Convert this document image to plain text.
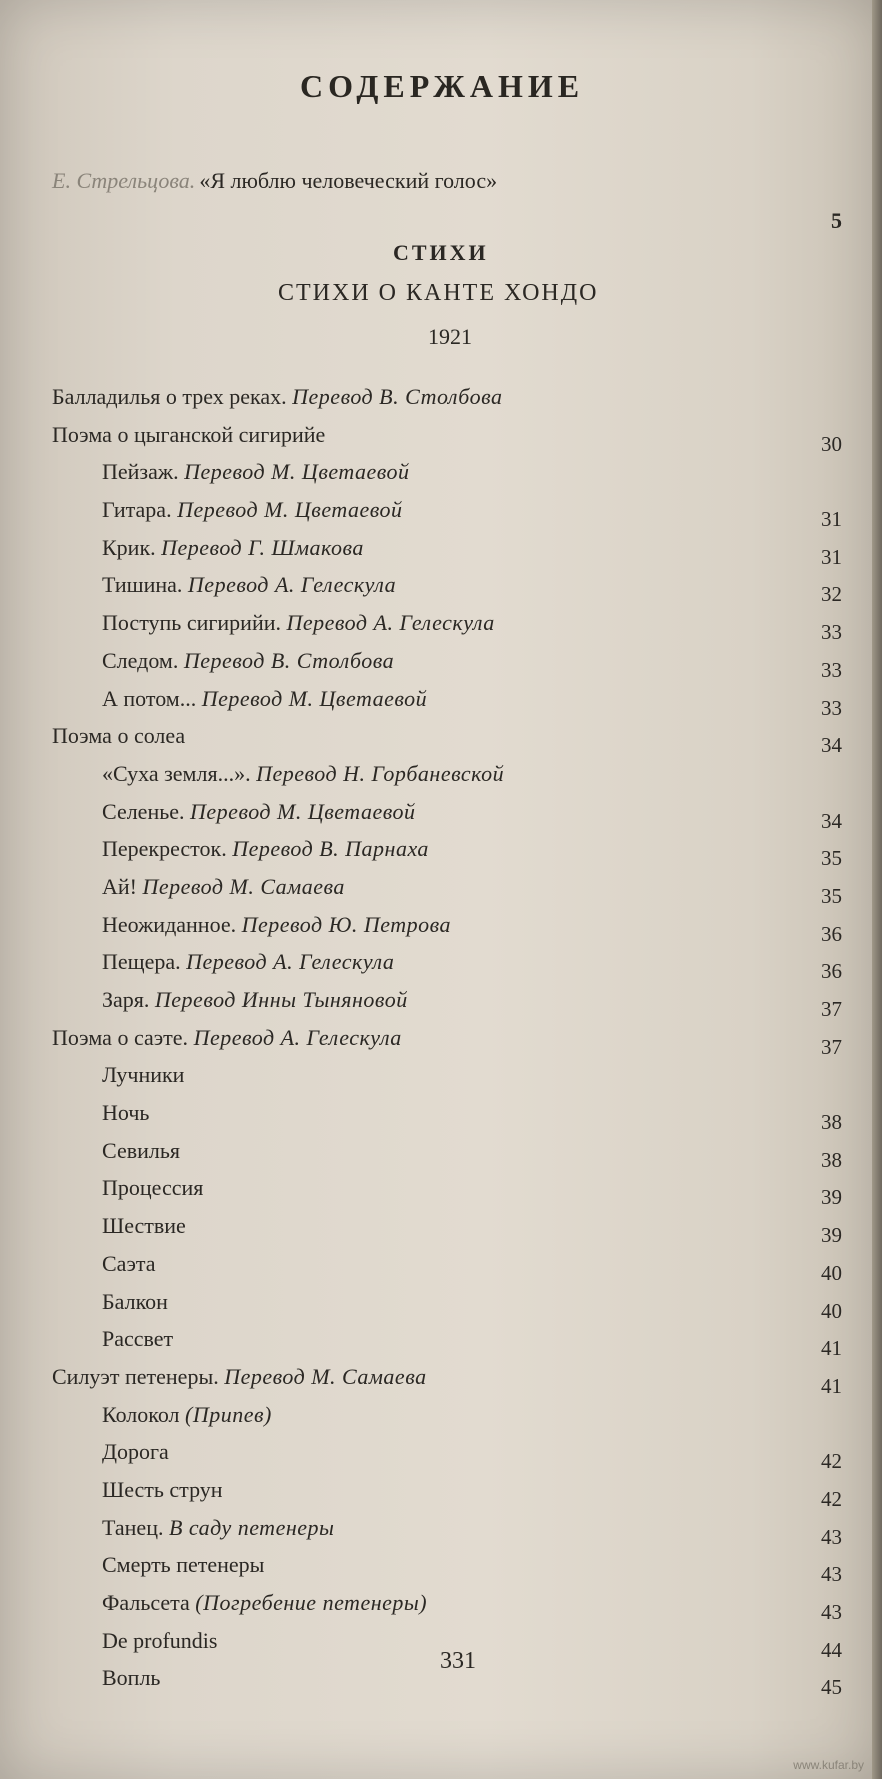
СОДЕРЖАНИЕ
Е. Стрельцова. «Я люблю человеческий голос»
5
СТИХИ
СТИХИ О КАНТЕ ХОНДО
1921
Балладилья о трех реках. Перевод В. Столбова
Поэма о цыганской сигирийе	30
Пейзаж. Перевод М. Цветаевой
Гитара. Перевод М. Цветаевой	31
Крик. Перевод Г. Шмакова	31
Тишина. Перевод А. Гелескула	32
Поступь сигирийи. Перевод А. Гелескула	33
Следом. Перевод В. Столбова	33
А потом... Перевод М. Цветаевой	33
Поэма о солеа	34
«Суха земля...». Перевод Н. Горбаневской
Селенье. Перевод М. Цветаевой	34
Перекресток. Перевод В. Парнаха	35
Ай! Перевод М. Самаева	35
Неожиданное. Перевод Ю. Петрова	36
Пещера. Перевод А. Гелескула	36
Заря. Перевод Инны Тыняновой	37
Поэма о саэте. Перевод А. Гелескула	37
Лучники
Ночь	38
Севилья	38
Процессия	39
Шествие	39
Саэта	40
Балкон	40
Рассвет	41
Силуэт петенеры. Перевод М. Самаева	41
Колокол (Припев)
Дорога	42
Шесть струн	42
Танец. В саду петенеры	43
Смерть петенеры	43
Фальсета (Погребение петенеры)	43
De profundis	44
Вопль	45
331
www.kufar.by
